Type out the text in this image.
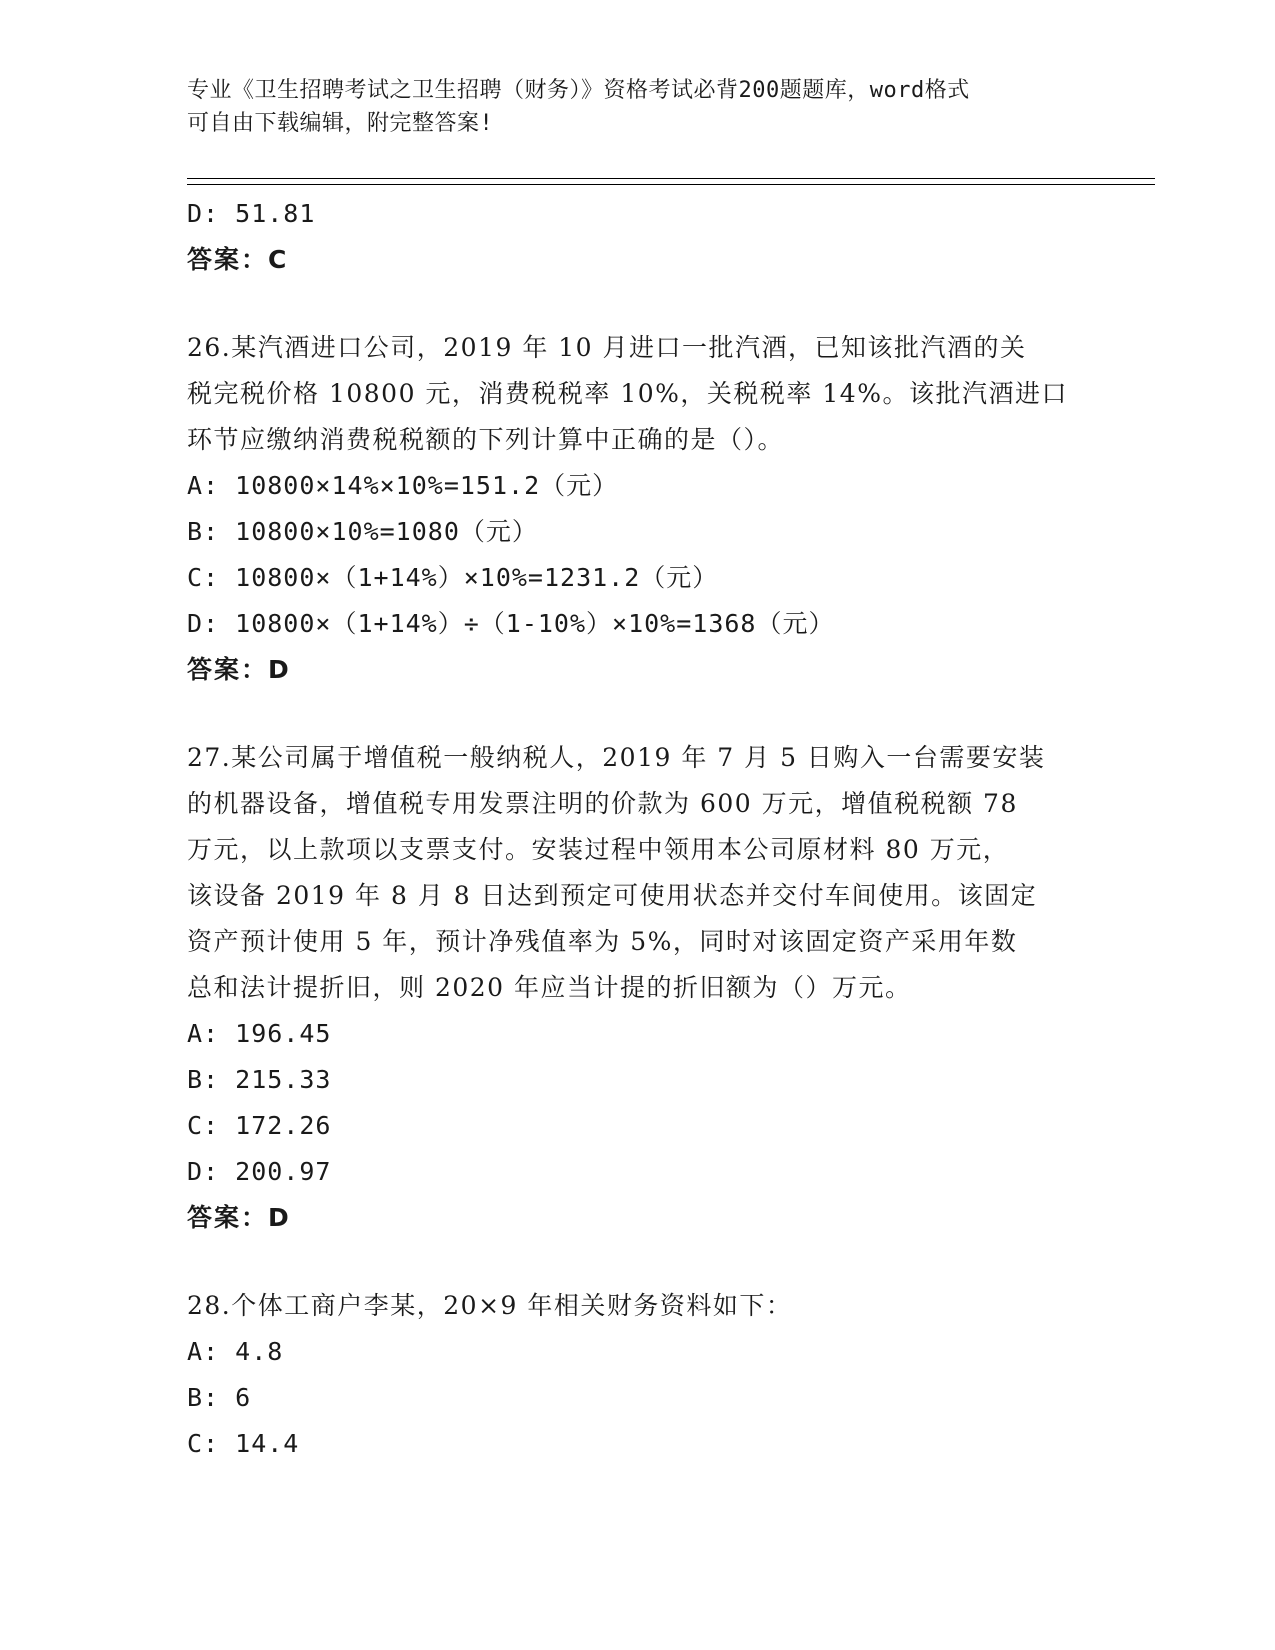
专业《卫生招聘考试之卫生招聘（财务）》资格考试必背200题题库，word格式
可自由下载编辑，附完整答案!
D: 51.81
答案：C
26.某汽酒进口公司，2019 年 10 月进口一批汽酒，已知该批汽酒的关
税完税价格 10800 元，消费税税率 10%，关税税率 14%。该批汽酒进口
环节应缴纳消费税税额的下列计算中正确的是（）。
A: 10800×14%×10%=151.2（元）
B: 10800×10%=1080（元）
C: 10800×（1+14%）×10%=1231.2（元）
D: 10800×（1+14%）÷（1-10%）×10%=1368（元）
答案：D
27.某公司属于增值税一般纳税人，2019 年 7 月 5 日购入一台需要安装
的机器设备，增值税专用发票注明的价款为 600 万元，增值税税额 78
万元，以上款项以支票支付。安装过程中领用本公司原材料 80 万元，
该设备 2019 年 8 月 8 日达到预定可使用状态并交付车间使用。该固定
资产预计使用 5 年，预计净残值率为 5%，同时对该固定资产采用年数
总和法计提折旧，则 2020 年应当计提的折旧额为（）万元。
A: 196.45
B: 215.33
C: 172.26
D: 200.97
答案：D
28.个体工商户李某，20×9 年相关财务资料如下：
A: 4.8
B: 6
C: 14.4
